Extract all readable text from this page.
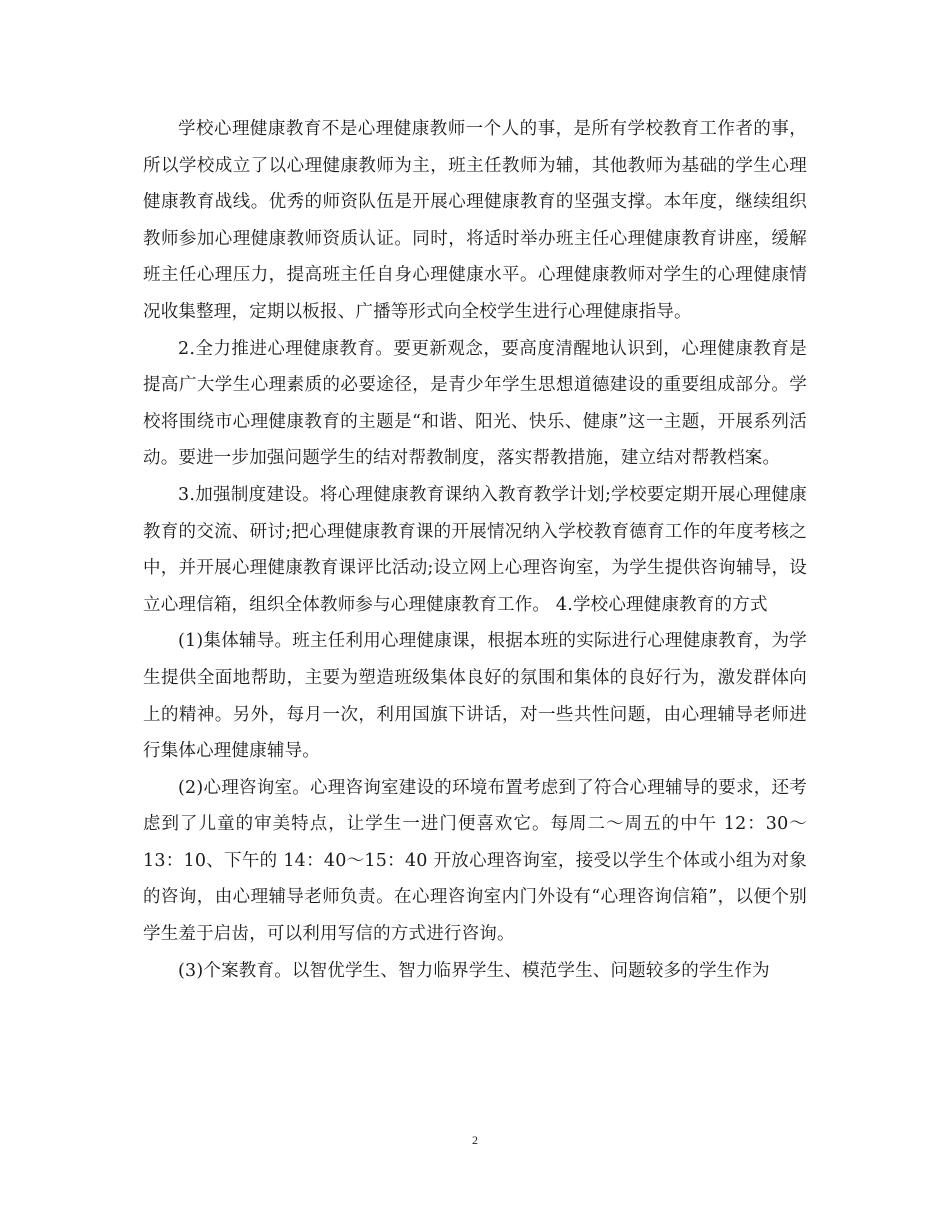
学校心理健康教育不是心理健康教师一个人的事，是所有学校教育工作者的事，所以学校成立了以心理健康教师为主，班主任教师为辅，其他教师为基础的学生心理健康教育战线。优秀的师资队伍是开展心理健康教育的坚强支撑。本年度，继续组织教师参加心理健康教师资质认证。同时，将适时举办班主任心理健康教育讲座，缓解班主任心理压力，提高班主任自身心理健康水平。心理健康教师对学生的心理健康情况收集整理，定期以板报、广播等形式向全校学生进行心理健康指导。

2.全力推进心理健康教育。要更新观念，要高度清醒地认识到，心理健康教育是提高广大学生心理素质的必要途径，是青少年学生思想道德建设的重要组成部分。学校将围绕市心理健康教育的主题是“和谐、阳光、快乐、健康”这一主题，开展系列活动。要进一步加强问题学生的结对帮教制度，落实帮教措施，建立结对帮教档案。

3.加强制度建设。将心理健康教育课纳入教育教学计划;学校要定期开展心理健康教育的交流、研讨;把心理健康教育课的开展情况纳入学校教育德育工作的年度考核之中，并开展心理健康教育课评比活动;设立网上心理咨询室，为学生提供咨询辅导，设立心理信箱，组织全体教师参与心理健康教育工作。 4.学校心理健康教育的方式

(1)集体辅导。班主任利用心理健康课，根据本班的实际进行心理健康教育，为学生提供全面地帮助，主要为塑造班级集体良好的氛围和集体的良好行为，激发群体向上的精神。另外，每月一次，利用国旗下讲话，对一些共性问题，由心理辅导老师进行集体心理健康辅导。

(2)心理咨询室。心理咨询室建设的环境布置考虑到了符合心理辅导的要求，还考虑到了儿童的审美特点，让学生一进门便喜欢它。每周二～周五的中午 12：30～13：10、下午的 14：40～15：40 开放心理咨询室，接受以学生个体或小组为对象的咨询，由心理辅导老师负责。在心理咨询室内门外设有“心理咨询信箱”，以便个别学生羞于启齿，可以利用写信的方式进行咨询。

(3)个案教育。以智优学生、智力临界学生、模范学生、问题较多的学生作为

2
